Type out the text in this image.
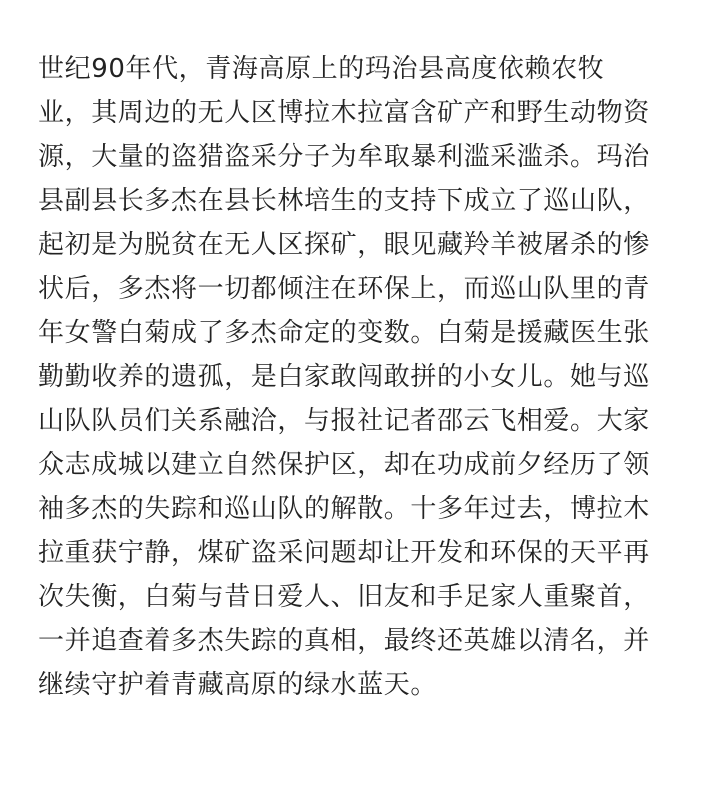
世纪90年代，青海高原上的玛治县高度依赖农牧
业，其周边的无人区博拉木拉富含矿产和野生动物资
源，大量的盗猎盗采分子为牟取暴利滥采滥杀。玛治
县副县长多杰在县长林培生的支持下成立了巡山队，
起初是为脱贫在无人区探矿，眼见藏羚羊被屠杀的惨
状后，多杰将一切都倾注在环保上，而巡山队里的青
年女警白菊成了多杰命定的变数。白菊是援藏医生张
勤勤收养的遗孤，是白家敢闯敢拼的小女儿。她与巡
山队队员们关系融洽，与报社记者邵云飞相爱。大家
众志成城以建立自然保护区，却在功成前夕经历了领
袖多杰的失踪和巡山队的解散。十多年过去，博拉木
拉重获宁静，煤矿盗采问题却让开发和环保的天平再
次失衡，白菊与昔日爱人、旧友和手足家人重聚首，
一并追查着多杰失踪的真相，最终还英雄以清名，并
继续守护着青藏高原的绿水蓝天。
